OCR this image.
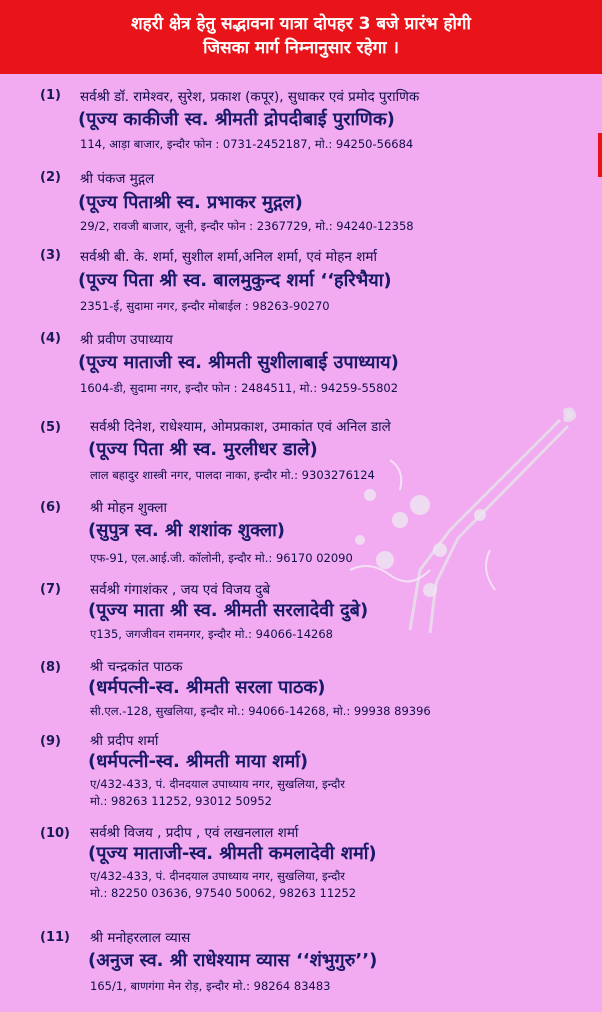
शहरी क्षेत्र हेतु सद्भावना यात्रा दोपहर 3 बजे प्रारंभ होगी
जिसका मार्ग निम्नानुसार रहेगा ।
(1) सर्वश्री डॉ. रामेश्वर, सुरेश, प्रकाश (कपूर), सुधाकर एवं प्रमोद पुराणिक
(पूज्य काकीजी स्व. श्रीमती द्रोपदीबाई पुराणिक)
114, आड़ा बाजार, इन्दौर फोन : 0731-2452187, मो.: 94250-56684
(2) श्री पंकज मुद्गल
(पूज्य पिताश्री स्व. प्रभाकर मुद्गल)
29/2, रावजी बाजार, जूनी, इन्दौर फोन : 2367729, मो.: 94240-12358
(3) सर्वश्री बी. के. शर्मा, सुशील शर्मा,अनिल शर्मा, एवं मोहन शर्मा
(पूज्य पिता श्री स्व. बालमुकुन्द शर्मा ‘‘हरिभैया)
2351-ई, सुदामा नगर, इन्दौर मोबाईल : 98263-90270
(4) श्री प्रवीण उपाध्याय
(पूज्य माताजी स्व. श्रीमती सुशीलाबाई उपाध्याय)
1604-डी, सुदामा नगर, इन्दौर फोन : 2484511, मो.: 94259-55802
(5) सर्वश्री दिनेश, राधेश्याम, ओमप्रकाश, उमाकांत एवं अनिल डाले
(पूज्य पिता श्री स्व. मुरलीधर डाले)
लाल बहादुर शास्त्री नगर, पालदा नाका, इन्दौर मो.: 9303276124
(6) श्री मोहन शुक्ला
(सुपुत्र स्व. श्री शशांक शुक्ला)
एफ-91, एल.आई.जी. कॉलोनी, इन्दौर मो.: 96170 02090
(7) सर्वश्री गंगाशंकर , जय एवं विजय दुबे
(पूज्य माता श्री स्व. श्रीमती सरलादेवी दुबे)
ए135, जगजीवन रामनगर, इन्दौर मो.: 94066-14268
(8) श्री चन्द्रकांत पाठक
(धर्मपत्नी-स्व. श्रीमती सरला पाठक)
सी.एल.-128, सुखलिया, इन्दौर मो.: 94066-14268, मो.: 99938 89396
(9) श्री प्रदीप शर्मा
(धर्मपत्नी-स्व. श्रीमती माया शर्मा)
ए/432-433, पं. दीनदयाल उपाध्याय नगर, सुखलिया, इन्दौर
मो.: 98263 11252, 93012 50952
(10) सर्वश्री विजय , प्रदीप , एवं लखनलाल शर्मा
(पूज्य माताजी-स्व. श्रीमती कमलादेवी शर्मा)
ए/432-433, पं. दीनदयाल उपाध्याय नगर, सुखलिया, इन्दौर
मो.: 82250 03636, 97540 50062, 98263 11252
(11) श्री मनोहरलाल व्यास
(अनुज स्व. श्री राधेश्याम व्यास ‘‘शंभुगुरु’’)
165/1, बाणगंगा मेन रोड़, इन्दौर मो.: 98264 83483
